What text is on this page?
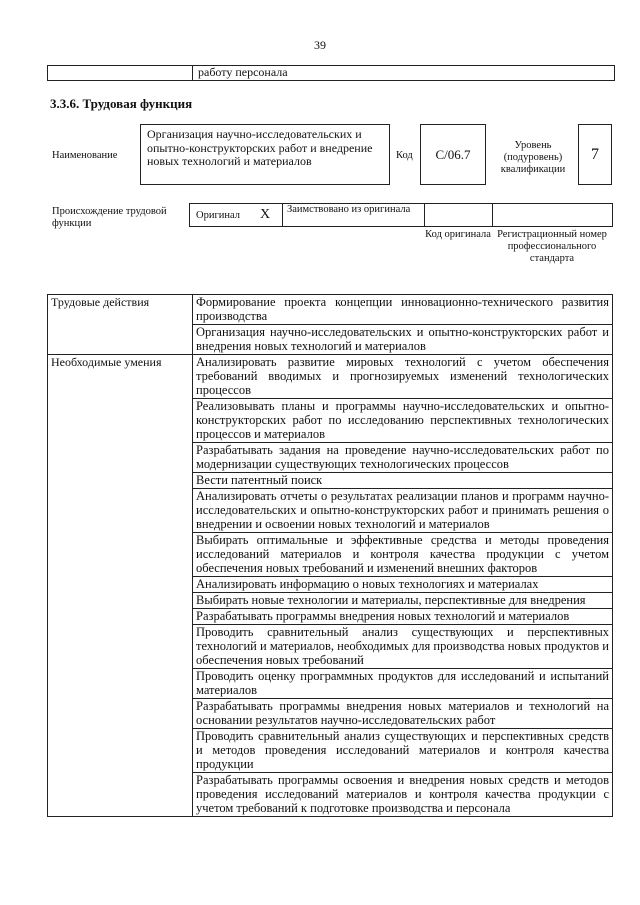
39
работу персонала
3.3.6. Трудовая функция
Наименование
Организация научно-исследовательских и опытно-конструкторских работ и внедрение новых технологий и материалов	Код	C/06.7
Уровень (подуровень) квалификации
7
Происхождение трудовой функции
Оригинал X Заимствовано из оригинала
Код оригинала Регистрационный номер профессионального стандарта
Трудовые действия	Формирование проекта концепции инновационно-технического развития производства
	Организация научно-исследовательских и опытно-конструкторских работ и внедрения новых технологий и материалов
Необходимые умения	Анализировать развитие мировых технологий с учетом обеспечения требований вводимых и прогнозируемых изменений технологических процессов
	Реализовывать планы и программы научно-исследовательских и опытно-конструкторских работ по исследованию перспективных технологических процессов и материалов
	Разрабатывать задания на проведение научно-исследовательских работ по модернизации существующих технологических процессов
	Вести патентный поиск
	Анализировать отчеты о результатах реализации планов и программ научно-исследовательских и опытно-конструкторских работ и принимать решения о внедрении и освоении новых технологий и материалов
	Выбирать оптимальные и эффективные средства и методы проведения исследований материалов и контроля качества продукции с учетом обеспечения новых требований и изменений внешних факторов
	Анализировать информацию о новых технологиях и материалах
	Выбирать новые технологии и материалы, перспективные для внедрения
	Разрабатывать программы внедрения новых технологий и материалов
	Проводить сравнительный анализ существующих и перспективных технологий и материалов, необходимых для производства новых продуктов и обеспечения новых требований
	Проводить оценку программных продуктов для исследований и испытаний материалов
	Разрабатывать программы внедрения новых материалов и технологий на основании результатов научно-исследовательских работ
	Проводить сравнительный анализ существующих и перспективных средств и методов проведения исследований материалов и контроля качества продукции
	Разрабатывать программы освоения и внедрения новых средств и методов проведения исследований материалов и контроля качества продукции с учетом требований к подготовке производства и персонала
